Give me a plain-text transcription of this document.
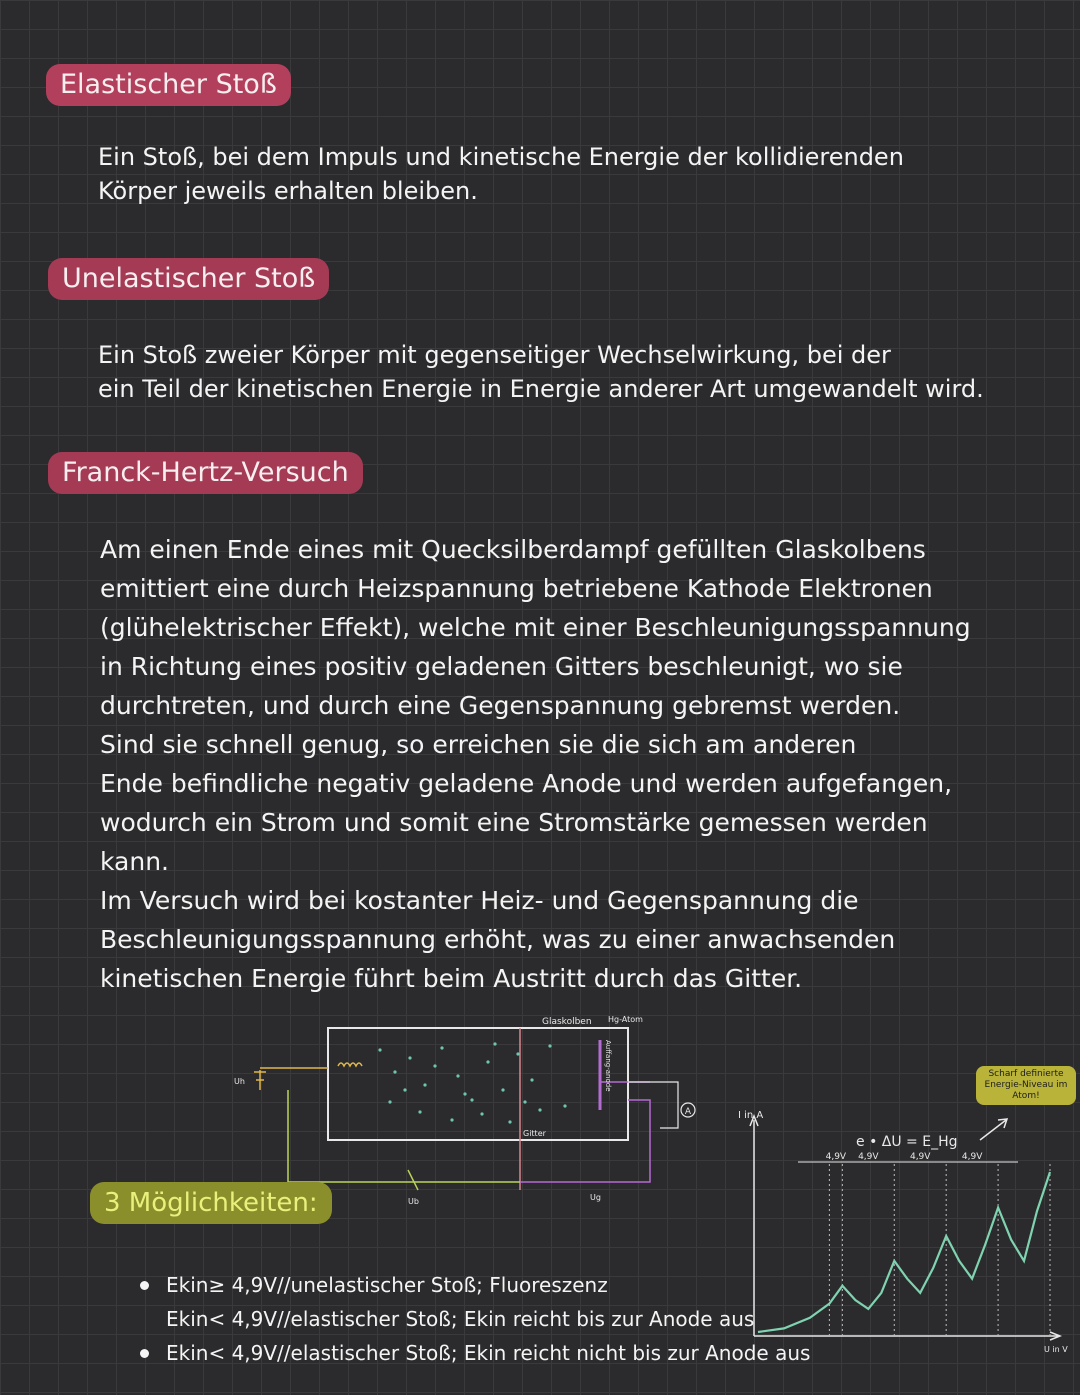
Elastischer Stoß

Ein Stoß, bei dem Impuls und kinetische Energie der kollidierenden
Körper jeweils erhalten bleiben.

Unelastischer Stoß

Ein Stoß zweier Körper mit gegenseitiger Wechselwirkung, bei der
ein Teil der kinetischen Energie in Energie anderer Art umgewandelt wird.

Franck-Hertz-Versuch

Am einen Ende eines mit Quecksilberdampf gefüllten Glaskolbens
emittiert eine durch Heizspannung betriebene Kathode Elektronen
(glühelektrischer Effekt), welche mit einer Beschleunigungsspannung
in Richtung eines positiv geladenen Gitters beschleunigt, wo sie
durchtreten, und durch eine Gegenspannung gebremst werden.
Sind sie schnell genug, so erreichen sie die sich am anderen
Ende befindliche negativ geladene Anode und werden aufgefangen,
wodurch ein Strom und somit eine Stromstärke gemessen werden
kann.
Im Versuch wird bei kostanter Heiz- und Gegenspannung die
Beschleunigungsspannung erhöht, was zu einer anwachsenden
kinetischen Energie führt beim Austritt durch das Gitter.

A
Glaskolben Hg-Atom
Gitter
Auffang-anode
Uh
Ub	Ug
3 Möglichkeiten:
Ekin≥ 4,9V//unelastischer Stoß; Fluoreszenz
Ekin< 4,9V//elastischer Stoß; Ekin reicht bis zur Anode aus
Ekin< 4,9V//elastischer Stoß; Ekin reicht nicht bis zur Anode aus
I in A
U in V
4,9V 4,9V	4,9V	4,9V
e • ΔU = E_Hg
Scharf definierte Energie-Niveau im Atom!
